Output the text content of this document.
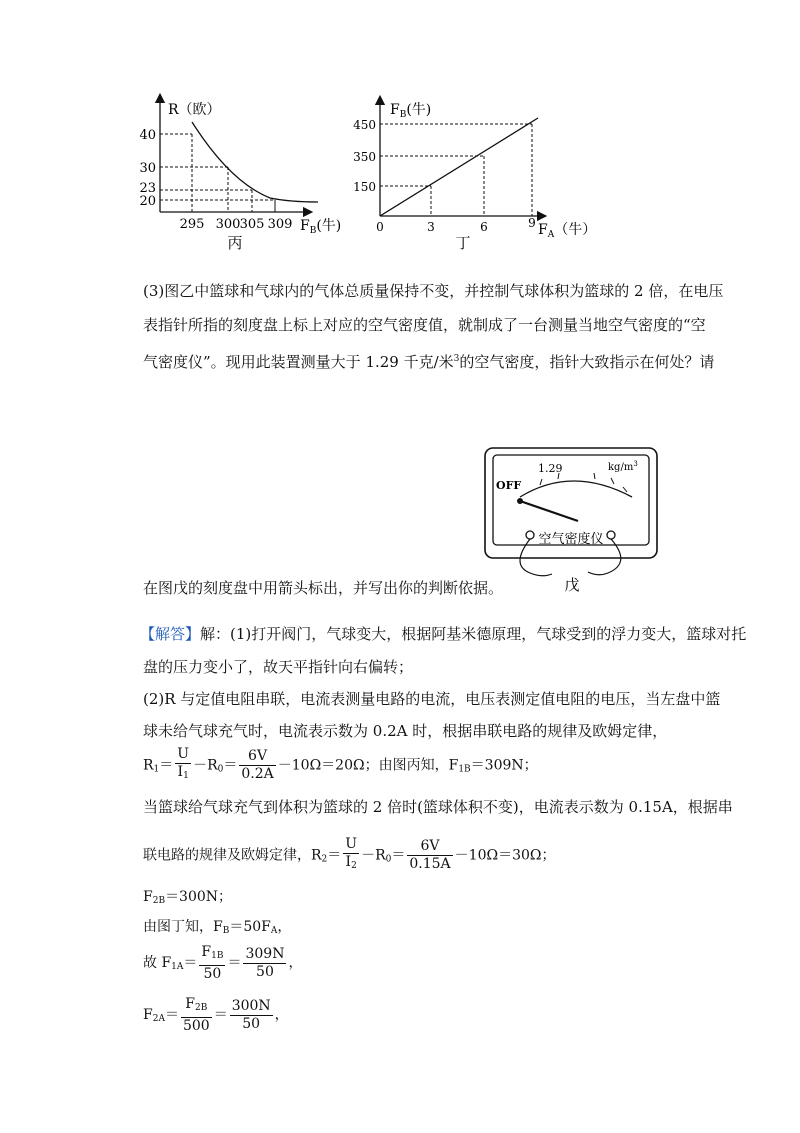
R（欧）
40
30
23
20
295 300 305 309 $F_B$(牛)
丙
$F_B$(牛)
450
350
150
0	3	6	9 $F_A$（牛）
丁
(3)图乙中篮球和气球内的气体总质量保持不变，并控制气球体积为篮球的 2 倍，在电压
表指针所指的刻度盘上标上对应的空气密度值，就制成了一台测量当地空气密度的“空
气密度仪”。现用此装置测量大于 1.29 千克/米$^3$的空气密度，指针大致指示在何处？请
1.29	$kg/m^3$
OFF
空气密度仪
戊
在图戊的刻度盘中用箭头标出，并写出你的判断依据。
【解答】解：(1)打开阀门，气球变大，根据阿基米德原理，气球受到的浮力变大，篮球对托
盘的压力变小了，故天平指针向右偏转；
(2)R 与定值电阻串联，电流表测量电路的电流，电压表测定值电阻的电压，当左盘中篮
球未给气球充气时，电流表示数为 0.2A 时，根据串联电路的规律及欧姆定律，
$R_1= \frac{U}{I_1} -R_0= \frac{6V}{0.2A} -10\Omega=20\Omega$；由图丙知，$F_{1B}=309N$；
当篮球给气球充气到体积为篮球的 2 倍时(篮球体积不变)，电流表示数为 0.15A，根据串
联电路的规律及欧姆定律，$R_2= \frac{U}{I_2} -R_0= \frac{6V}{0.15A} -10\Omega=30\Omega$；
$F_{2B}=300N$；
由图丁知，$F_B=50F_A$，
故 $F_{1A}= \frac{F_{1B}}{50} = \frac{309N}{50}$ ，
$F_{2A}= \frac{F_{2B}}{500} = \frac{300N}{50}$ ，
